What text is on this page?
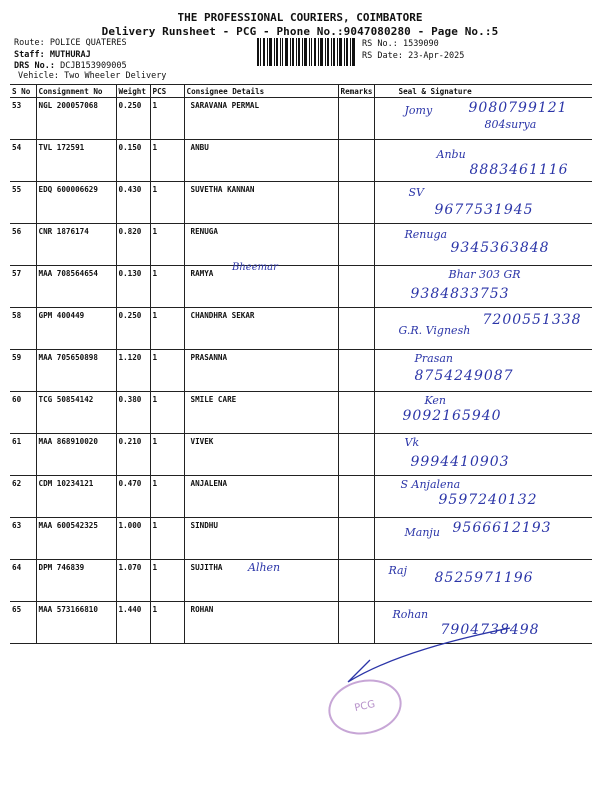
THE PROFESSIONAL COURIERS, COIMBATORE
Delivery Runsheet - PCG - Phone No.:9047080280 - Page No.:5
Route: POLICE QUATERES
Staff: MUTHURAJ
DRS No.: DCJB153909005
RS No.: 1539090
RS Date: 23-Apr-2025
Vehicle: Two Wheeler Delivery
S No	Consignment No	Weight	PCS	Consignee Details	Remarks	Seal & Signature
53	NGL 200057068	0.250	1	SARAVANA PERMAL		Jomy 9080799121
804surya

54	TVL 172591	0.150	1	ANBU		Anbu
8883461116

55	EDQ 600006629	0.430	1	SUVETHA KANNAN		SV
9677531945

56	CNR 1876174	0.820	1	RENUGA		Renuga
9345363848

57	MAA 708564654	0.130	1	RAMYA		Bhar 303 GR
9384833753

58	GPM 400449	0.250	1	CHANDHRA SEKAR		G.R. Vignesh
7200551338

59	MAA 705650898	1.120	1	PRASANNA		Prasan
8754249087

60	TCG 50854142	0.380	1	SMILE CARE		Ken
9092165940

61	MAA 868910020	0.210	1	VIVEK		Vk
9994410903

62	CDM 10234121	0.470	1	ANJALENA		S Anjalena
9597240132

63	MAA 600542325	1.000	1	SINDHU		Manju 9566612193

64	DPM 746839	1.070	1	SUJITHA		Raj 8525971196

65	MAA 573166810	1.440	1	ROHAN		Rohan
7904738498
Bheemar
Alhen
PCG
